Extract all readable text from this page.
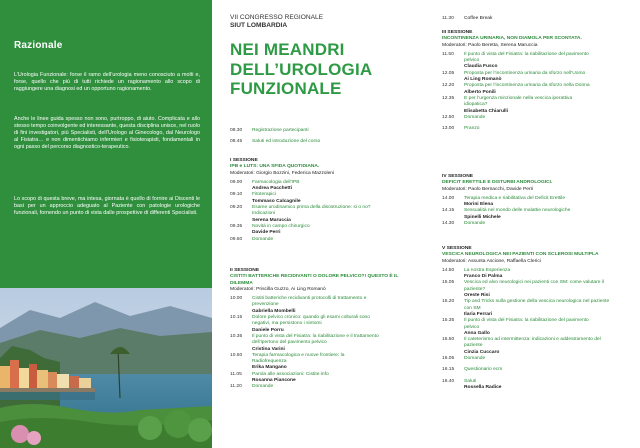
Razionale

L’Urologia Funzionale: forse il ramo dell’urologia meno conosciuto a molti e, forse, quello che più di tutti richiede un ragionamento allo scopo di raggiungere una diagnosi ed un opportuno ragionamento.

Anche le linee guida spesso non sono, purtroppo, di aiuto. Complicata e allo stesso tempo coinvolgente ed interessante, questa disciplina unisce, nel ruolo di fini investigatori, più Specialisti, dell’Urologo al Ginecologo, dal Neurologo al Fisiatra… e non dimentichiamo infermieri e fisioterapisti, fondamentali in ogni passo del percorso diagnostico-terapeutico.

Lo scopo di questa breve, ma intesa, giornata è quello di fornire ai Discenti le basi per un approccio adeguato al Paziente con patologie urologiche funzionali, fornendo un punto di vista dalle prospettive di differenti Specialisti.

VII CONGRESSO REGIONALE
SIUT LOMBARDIA
NEI MEANDRI DELL’UROLOGIA FUNZIONALE
08.30	Registrazione partecipanti
08.45	Saluti ed introduzione del corso
I SESSIONE
IPB e LUTS: UNA SFIDA QUOTIDIANA.
Moderatori: Giorgio Bozzini, Federica Mazzoleni
09.00	Farmacologia dell’IPB
Andrea Pacchetti
09.10	Fitoterapici
Tommaso Calcagnile
09.20	Esame urodinamico prima della disostruzione: si o no? Indicazioni
Serena Maruccia
09.35	Novità in campo chirurgico
Davide Perri
09.50	Domande
II SESSIONE
CISTITI BATTERICHE RECIDIVANTI O DOLORE PELVICO?! QUESTO È IL DILEMMA
Moderatori: Priscilla Guzzo, Ai Ling Romanò
10.00	Cistiti batteriche recidivanti protocolli di trattamento e prevenzione
Gabriella Mombelli
10.15	Dolore pelvico cronico: quando gli esami colturali sono negativi, ma persistono i sintomi
Daniele Porru
10.35	Il punto di vista del Fisiatra: la riabilitazione e il trattamento dell’ipertono del pavimento pelvico
Cristina Varini
10.50	Terapia farmacologica e nuove frontiere: la Radiofrequenza
Erika Mangano
11.05	Parola alle associazioni: Cistite.info
Rosanna Piancone
11.20	Domande
11.30	Coffee Break
III SESSIONE
INCONTINENZA URINARIA, NON DIAMOLA PER SCONTATA.
Moderatori: Paolo Beretta, Serena Maruccia
11.50	Il punto di vista del Fisiatra: la riabilitazione del pavimento pelvico
Claudia Fusco
12.05	Proposta per l’incontinenza urinaria da sforzo nell’Uomo
Ai Ling Romanò
12.20	Proposta per l’incontinenza urinaria da sforzo nella Donna
Alberto Ponili
12.35	E per l’urgenza minzionale nella vescica iperattiva idiopatica?
Elisabetta Chiarulli
12.50	Domande
13.00	Pranzo
IV SESSIONE
DEFICIT ERETTILE E DISTURBI ANDROLOGICI.
Moderatori: Paolo Bernacchi, Davide Perri
14.00	Terapia medica e riabilitativa del Deficit Erettile
Morini Elena
14.15	Sessualità nel mondo delle malattie neurologiche
Spinelli Michele
14.30	Domande
V SESSIONE
VESCICA NEUROLOGICA NEI PAZIENTI CON SCLEROSI MULTIPLA
Moderatori: Assunta Ascione, Raffaella Clerici
14.50	La nostra Esperienza
Franco Di Palma
15.05	Vescica ed alvo neurologici nei pazienti con SM: come valutare il paziente?
Oreste Risi
15.20	Tip and Tricks sulla gestione della vescica neurologica nel paziente con SM
Ilaria Ferrari
15.35	Il punto di vista del Fisiatra: la riabilitazione del pavimento pelvico
Anna Gallo
15.50	Il cateterismo ad intermittenza: indicazioni e addestramento del paziente
Cinzia Cuccaro
16.05	Domande
16.15	Questionario ecm
16.40	Saluti
Rossella Radice
